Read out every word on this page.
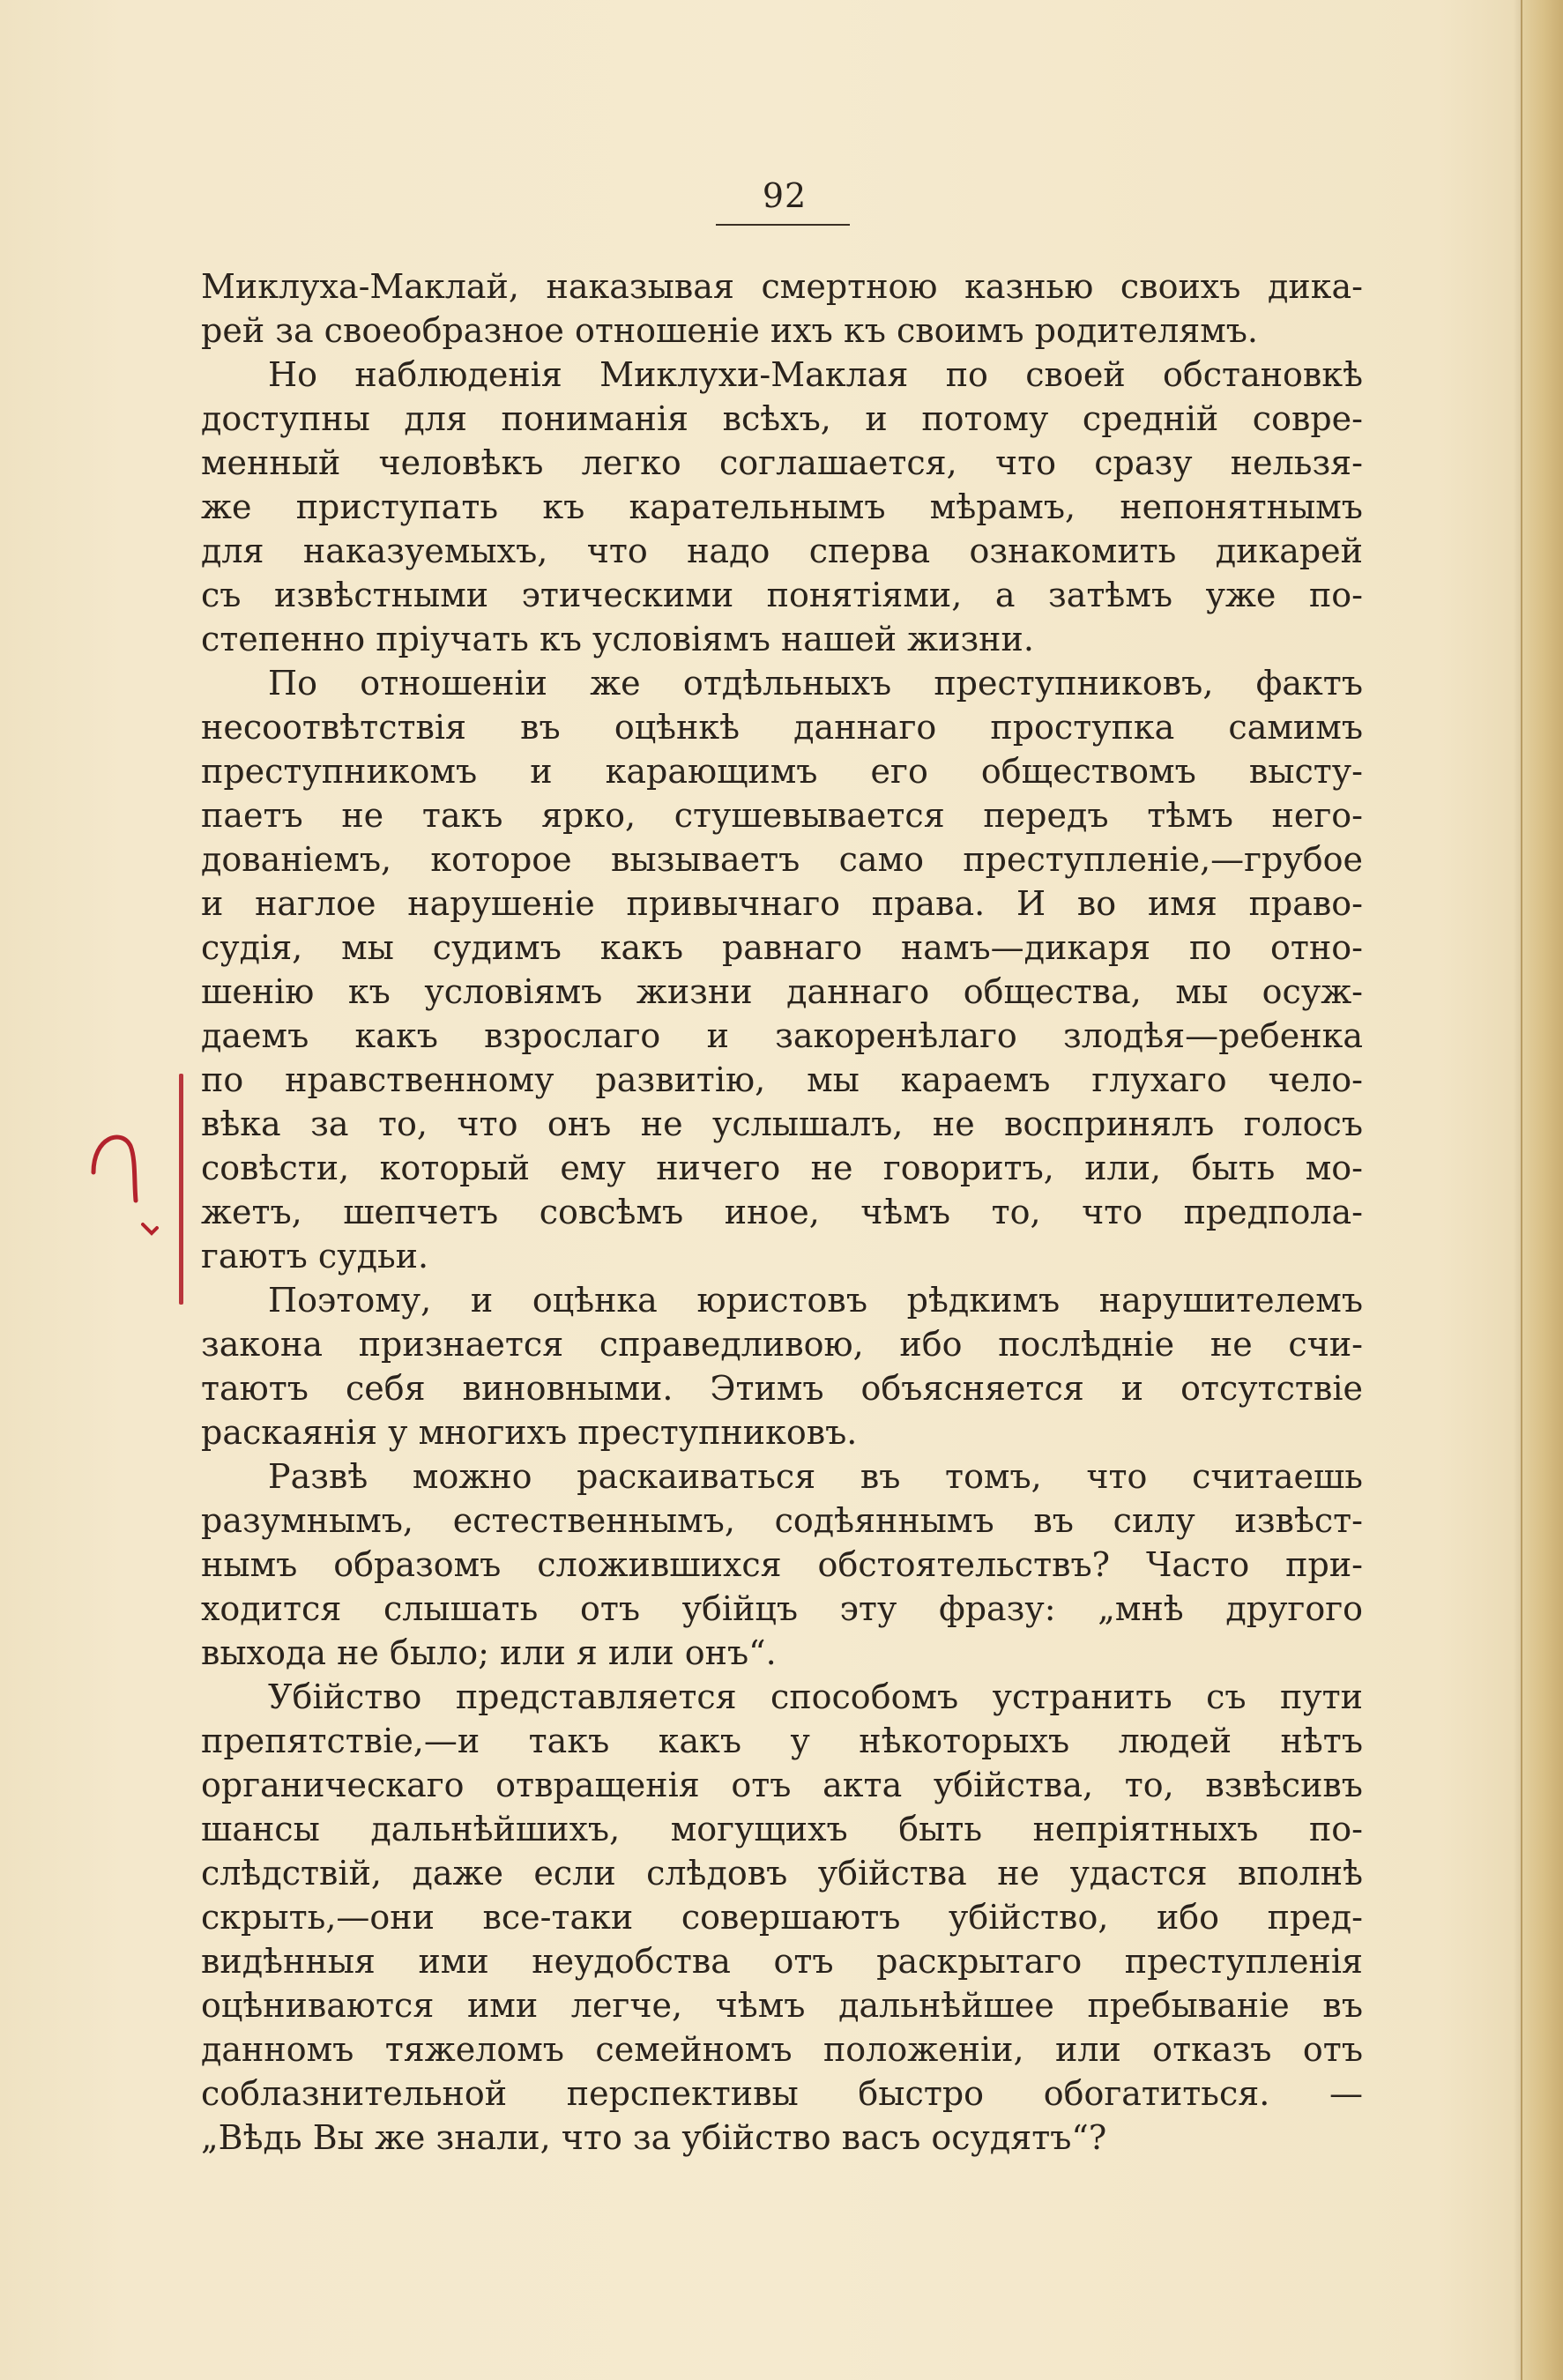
92
Миклуха-Маклай, наказывая смертною казнью своихъ дика-
рей за своеобразное отношеніе ихъ къ своимъ родителямъ.
Но наблюденія Миклухи-Маклая по своей обстановкѣ
доступны для пониманія всѣхъ, и потому средній совре-
менный человѣкъ легко соглашается, что сразу нельзя-
же приступать къ карательнымъ мѣрамъ, непонятнымъ
для наказуемыхъ, что надо сперва ознакомить дикарей
съ извѣстными этическими понятіями, а затѣмъ уже по-
степенно пріучать къ условіямъ нашей жизни.
По отношеніи же отдѣльныхъ преступниковъ, фактъ
несоотвѣтствія въ оцѣнкѣ даннаго проступка самимъ
преступникомъ и карающимъ его обществомъ высту-
паетъ не такъ ярко, стушевывается передъ тѣмъ него-
дованіемъ, которое вызываетъ само преступленіе,—грубое
и наглое нарушеніе привычнаго права. И во имя право-
судія, мы судимъ какъ равнаго намъ—дикаря по отно-
шенію къ условіямъ жизни даннаго общества, мы осуж-
даемъ какъ взрослаго и закоренѣлаго злодѣя—ребенка
по нравственному развитію, мы караемъ глухаго чело-
вѣка за то, что онъ не услышалъ, не воспринялъ голосъ
совѣсти, который ему ничего не говоритъ, или, быть мо-
жетъ, шепчетъ совсѣмъ иное, чѣмъ то, что предпола-
гаютъ судьи.
Поэтому, и оцѣнка юристовъ рѣдкимъ нарушителемъ
закона признается справедливою, ибо послѣдніе не счи-
таютъ себя виновными. Этимъ объясняется и отсутствіе
раскаянія у многихъ преступниковъ.
Развѣ можно раскаиваться въ томъ, что считаешь
разумнымъ, естественнымъ, содѣяннымъ въ силу извѣст-
нымъ образомъ сложившихся обстоятельствъ? Часто при-
ходится слышать отъ убійцъ эту фразу: „мнѣ другого
выхода не было; или я или онъ“.
Убійство представляется способомъ устранить съ пути
препятствіе,—и такъ какъ у нѣкоторыхъ людей нѣтъ
органическаго отвращенія отъ акта убійства, то, взвѣсивъ
шансы дальнѣйшихъ, могущихъ быть непріятныхъ по-
слѣдствій, даже если слѣдовъ убійства не удастся вполнѣ
скрыть,—они все-таки совершаютъ убійство, ибо пред-
видѣнныя ими неудобства отъ раскрытаго преступленія
оцѣниваются ими легче, чѣмъ дальнѣйшее пребываніе въ
данномъ тяжеломъ семейномъ положеніи, или отказъ отъ
соблазнительной перспективы быстро обогатиться. —
„Вѣдь Вы же знали, что за убійство васъ осудятъ“?
